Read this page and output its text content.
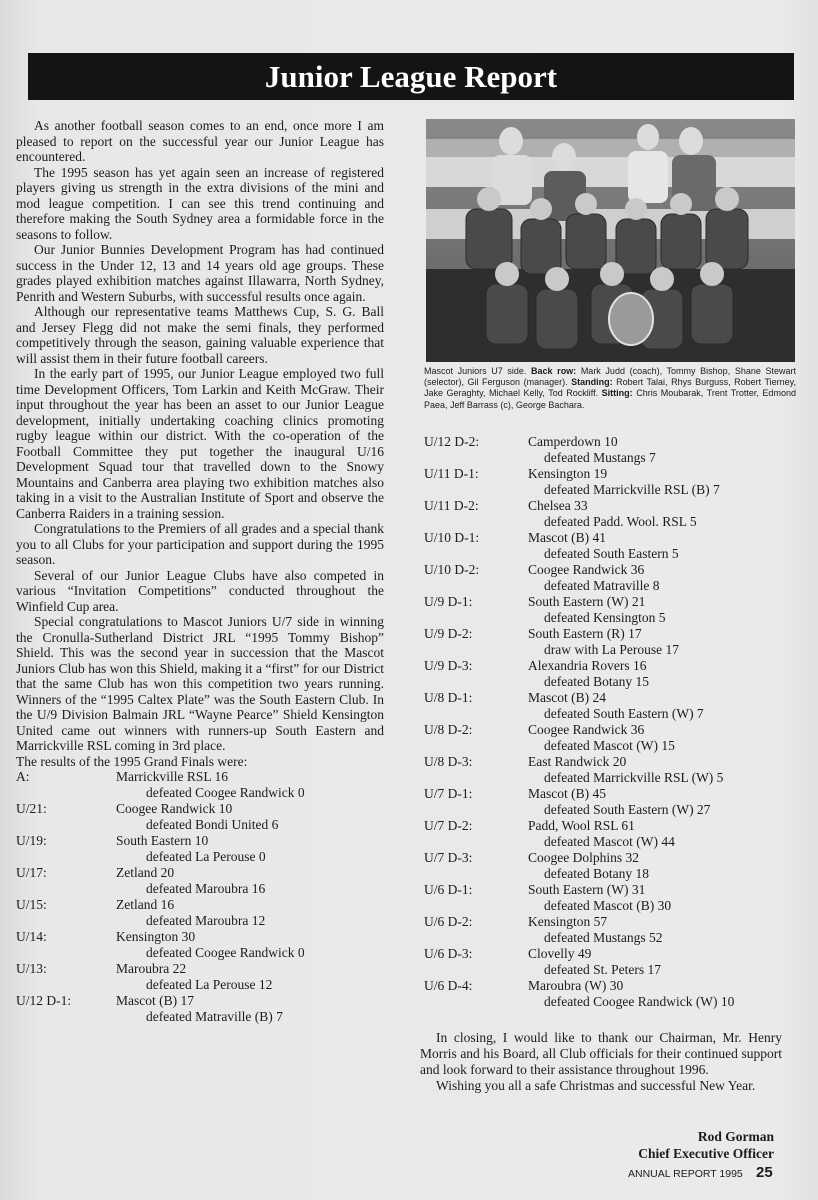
Junior League Report

As another football season comes to an end, once more I am pleased to report on the successful year our Junior League has encountered.

The 1995 season has yet again seen an increase of registered players giving us strength in the extra divisions of the mini and mod league competition. I can see this trend continuing and therefore making the South Sydney area a formidable force in the seasons to follow.

Our Junior Bunnies Development Program has had continued success in the Under 12, 13 and 14 years old age groups. These grades played exhibition matches against Illawarra, North Sydney, Penrith and Western Suburbs, with successful results once again.

Although our representative teams Matthews Cup, S. G. Ball and Jersey Flegg did not make the semi finals, they performed competitively through the season, gaining valuable experience that will assist them in their future football careers.

In the early part of 1995, our Junior League employed two full time Development Officers, Tom Larkin and Keith McGraw. Their input throughout the year has been an asset to our Junior League development, initially undertaking coaching clinics promoting rugby league within our district. With the co-operation of the Football Committee they put together the inaugural U/16 Development Squad tour that travelled down to the Snowy Mountains and Canberra area playing two exhibition matches also taking in a visit to the Australian Institute of Sport and observe the Canberra Raiders in a training session.

Congratulations to the Premiers of all grades and a special thank you to all Clubs for your participation and support during the 1995 season.

Several of our Junior League Clubs have also competed in various “Invitation Competitions” conducted throughout the Winfield Cup area.

Special congratulations to Mascot Juniors U/7 side in winning the Cronulla-Sutherland District JRL “1995 Tommy Bishop” Shield. This was the second year in succession that the Mascot Juniors Club has won this Shield, making it a “first” for our District that the same Club has won this competition two years running. Winners of the “1995 Caltex Plate” was the South Eastern Club. In the U/9 Division Balmain JRL “Wayne Pearce” Shield Kensington United came out winners with runners-up South Eastern and Marrickville RSL coming in 3rd place.

The results of the 1995 Grand Finals were:

A:	Marrickville RSL 16
defeated Coogee Randwick 0
U/21:	Coogee Randwick 10
defeated Bondi United 6
U/19:	South Eastern 10
defeated La Perouse 0
U/17:	Zetland 20
defeated Maroubra 16
U/15:	Zetland 16
defeated Maroubra 12
U/14:	Kensington 30
defeated Coogee Randwick 0
U/13:	Maroubra 22
defeated La Perouse 12
U/12 D-1:	Mascot (B) 17
defeated Matraville (B) 7
Mascot Juniors U7 side. Back row: Mark Judd (coach), Tommy Bishop, Shane Stewart (selector), Gil Ferguson (manager). Standing: Robert Talai, Rhys Burguss, Robert Tierney, Jake Geraghty, Michael Kelly, Tod Rockliff. Sitting: Chris Moubarak, Trent Trotter, Edmond Paea, Jeff Barrass (c), George Bachara.
U/12 D-2:	Camperdown 10
defeated Mustangs 7
U/11 D-1:	Kensington 19
defeated Marrickville RSL (B) 7
U/11 D-2:	Chelsea 33
defeated Padd. Wool. RSL 5
U/10 D-1:	Mascot (B) 41
defeated South Eastern 5
U/10 D-2:	Coogee Randwick 36
defeated Matraville 8
U/9 D-1:	South Eastern (W) 21
defeated Kensington 5
U/9 D-2:	South Eastern (R) 17
draw with La Perouse 17
U/9 D-3:	Alexandria Rovers 16
defeated Botany 15
U/8 D-1:	Mascot (B) 24
defeated South Eastern (W) 7
U/8 D-2:	Coogee Randwick 36
defeated Mascot (W) 15
U/8 D-3:	East Randwick 20
defeated Marrickville RSL (W) 5
U/7 D-1:	Mascot (B) 45
defeated South Eastern (W) 27
U/7 D-2:	Padd, Wool RSL 61
defeated Mascot (W) 44
U/7 D-3:	Coogee Dolphins 32
defeated Botany 18
U/6 D-1:	South Eastern (W) 31
defeated Mascot (B) 30
U/6 D-2:	Kensington 57
defeated Mustangs 52
U/6 D-3:	Clovelly 49
defeated St. Peters 17
U/6 D-4:	Maroubra (W) 30
defeated Coogee Randwick (W) 10

In closing, I would like to thank our Chairman, Mr. Henry Morris and his Board, all Club officials for their continued support and look forward to their assistance throughout 1996.

Wishing you all a safe Christmas and successful New Year.

Rod Gorman
Chief Executive Officer
ANNUAL REPORT 1995 25
